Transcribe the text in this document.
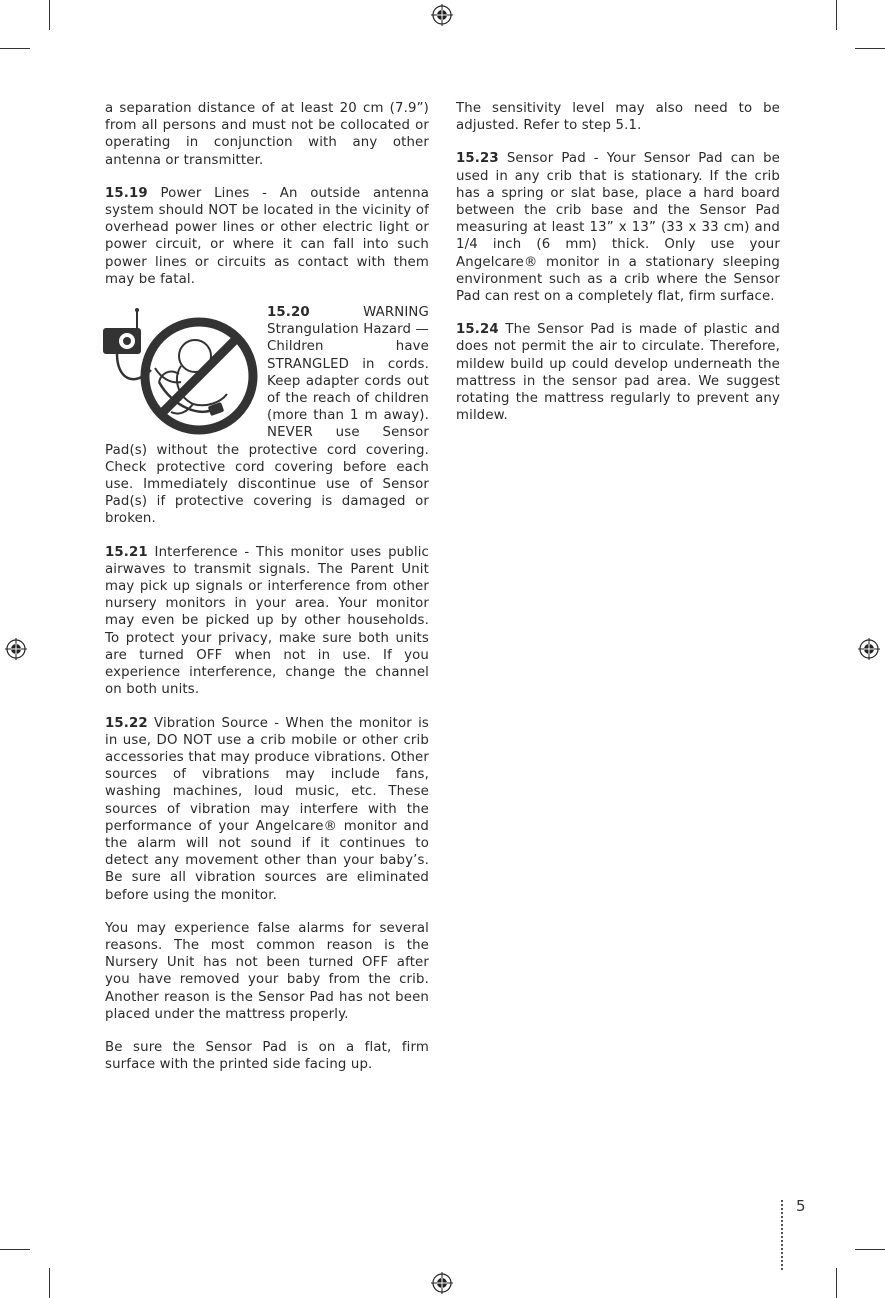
a separation distance of at least 20 cm (7.9”) from all persons and must not be collocated or operating in conjunction with any other antenna or transmitter.

15.19 Power Lines - An outside antenna system should NOT be located in the vicinity of overhead power lines or other electric light or power circuit, or where it can fall into such power lines or circuits as contact with them may be fatal.

15.20	WARNING Strangulation Hazard — Children have STRANGLED in cords. Keep adapter cords out of the reach of children (more than 1 m away). NEVER use Sensor Pad(s) without the protective cord covering. Check protective cord covering before each use. Immediately discontinue use of Sensor Pad(s) if protective covering is damaged or broken.

15.21 Interference - This monitor uses public airwaves to transmit signals. The Parent Unit may pick up signals or interference from other nursery monitors in your area. Your monitor may even be picked up by other households. To protect your privacy, make sure both units are turned OFF when not in use. If you experience interference, change the channel on both units.

15.22 Vibration Source - When the monitor is in use, DO NOT use a crib mobile or other crib accessories that may produce vibrations. Other sources of vibrations may include fans, washing machines, loud music, etc. These sources of vibration may interfere with the performance of your Angelcare® monitor and the alarm will not sound if it continues to detect any movement other than your baby’s. Be sure all vibration sources are eliminated before using the monitor.

You may experience false alarms for several reasons. The most common reason is the Nursery Unit has not been turned OFF after you have removed your baby from the crib. Another reason is the Sensor Pad has not been placed under the mattress properly.

Be sure the Sensor Pad is on a flat, firm surface with the printed side facing up.

The sensitivity level may also need to be adjusted. Refer to step 5.1.

15.23 Sensor Pad - Your Sensor Pad can be used in any crib that is stationary. If the crib has a spring or slat base, place a hard board between the crib base and the Sensor Pad measuring at least 13” x 13” (33 x 33 cm) and 1/4 inch (6 mm) thick. Only use your Angelcare® monitor in a stationary sleeping environment such as a crib where the Sensor Pad can rest on a completely flat, firm surface.

15.24 The Sensor Pad is made of plastic and does not permit the air to circulate. Therefore, mildew build up could develop underneath the mattress in the sensor pad area. We suggest rotating the mattress regularly to prevent any mildew.

5
